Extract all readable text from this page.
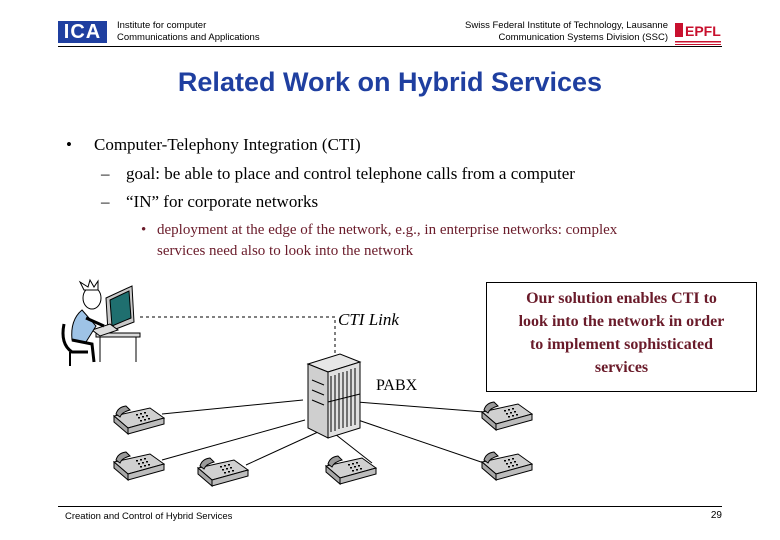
ICA	Institute for computer
Communications and Applications
Swiss Federal Institute of Technology, Lausanne
Communication Systems Division (SSC) EPFL
Related Work on Hybrid Services
• Computer-Telephony Integration (CTI)
– goal: be able to place and control telephone calls from a computer
– “IN” for corporate networks
• deployment at the edge of the network, e.g., in enterprise networks: complex
services need also to look into the network
CTI Link
PABX
Our solution enables CTI to
look into the network in order
to implement sophisticated
services
Creation and Control of Hybrid Services	29
